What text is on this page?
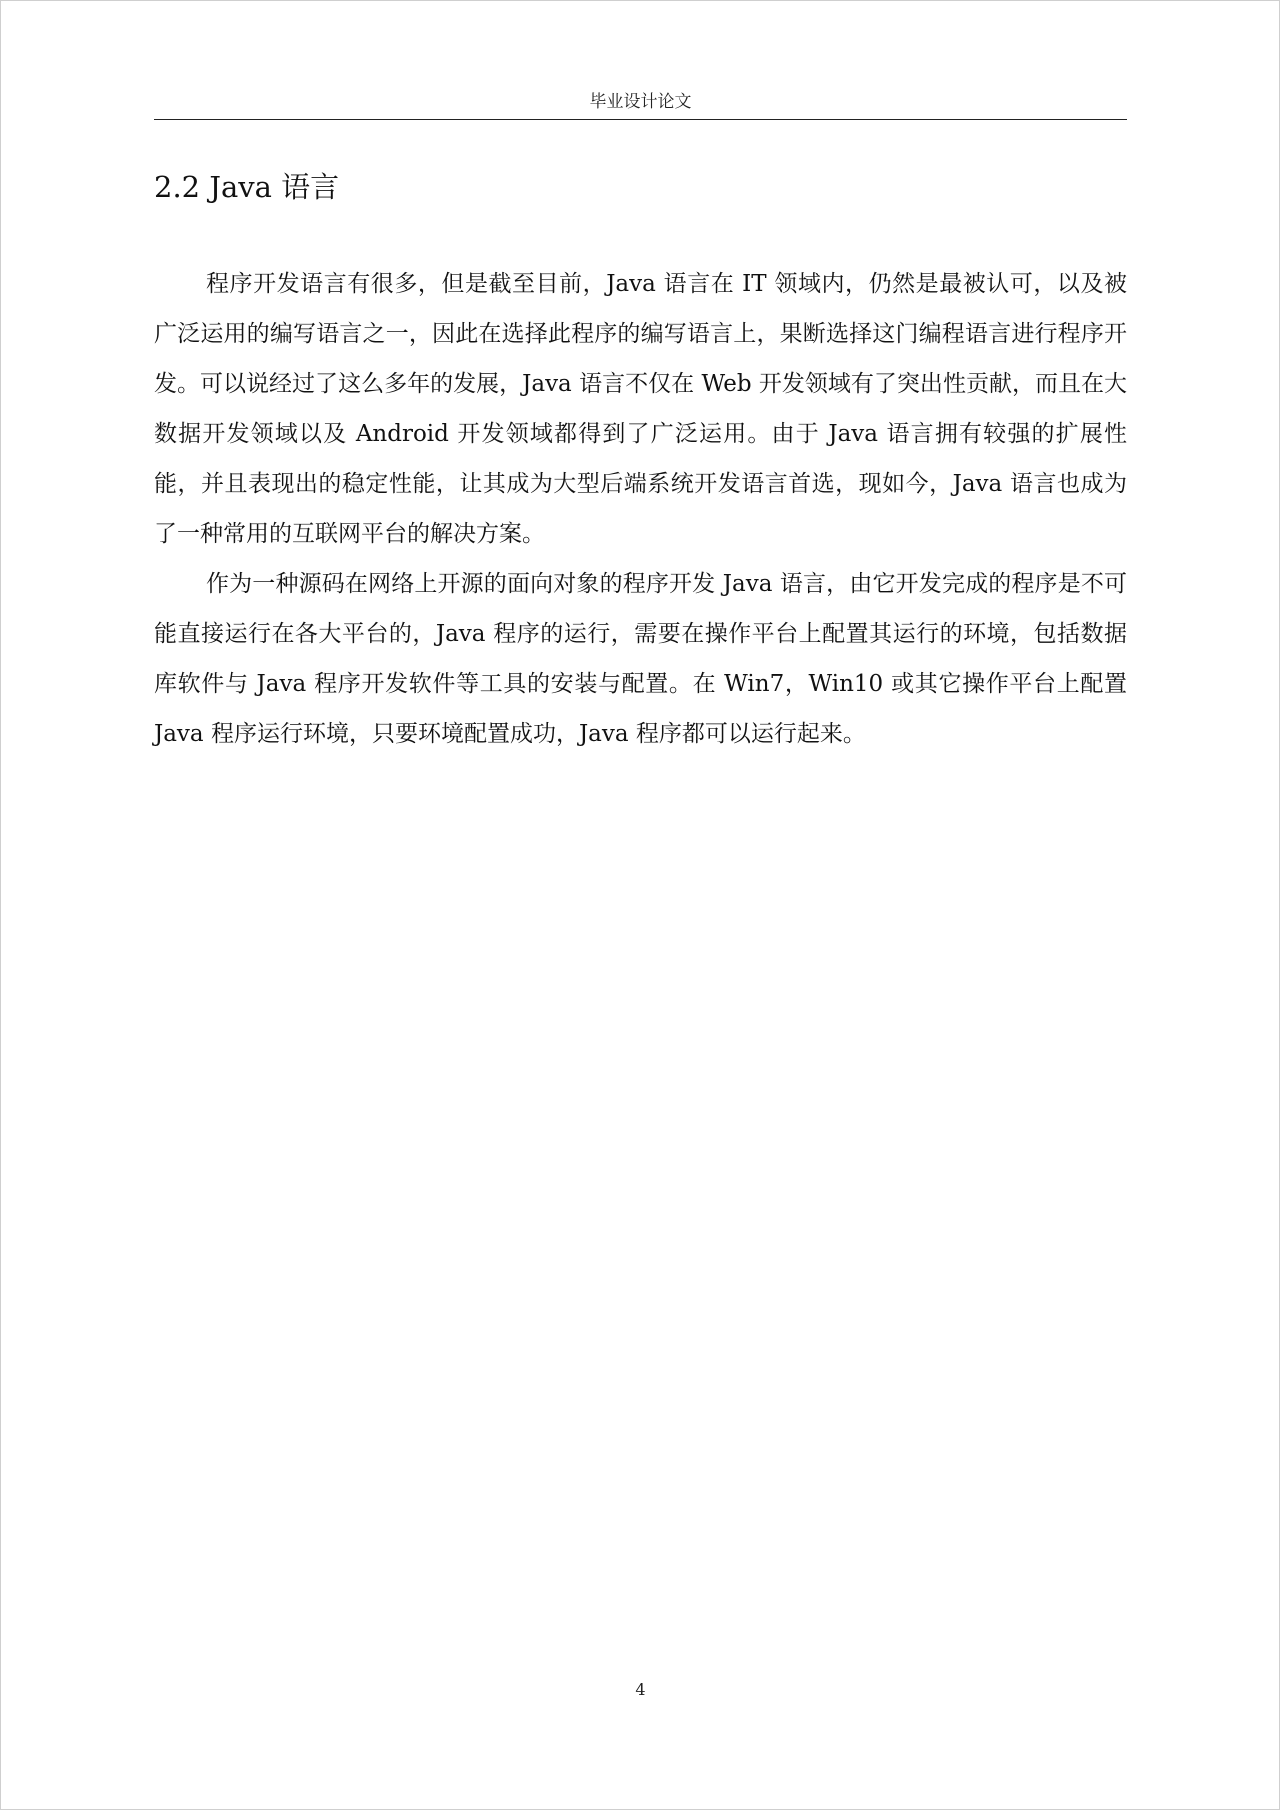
毕业设计论文
2.2 Java 语言

程序开发语言有很多，但是截至目前，Java 语言在 IT 领域内，仍然是最被认可，以及被广泛运用的编写语言之一，因此在选择此程序的编写语言上，果断选择这门编程语言进行程序开发。可以说经过了这么多年的发展，Java 语言不仅在 Web 开发领域有了突出性贡献，而且在大数据开发领域以及 Android 开发领域都得到了广泛运用。由于 Java 语言拥有较强的扩展性能，并且表现出的稳定性能，让其成为大型后端系统开发语言首选，现如今，Java 语言也成为了一种常用的互联网平台的解决方案。

作为一种源码在网络上开源的面向对象的程序开发 Java 语言，由它开发完成的程序是不可能直接运行在各大平台的，Java 程序的运行，需要在操作平台上配置其运行的环境，包括数据库软件与 Java 程序开发软件等工具的安装与配置。在 Win7，Win10 或其它操作平台上配置 Java 程序运行环境，只要环境配置成功，Java 程序都可以运行起来。

4
